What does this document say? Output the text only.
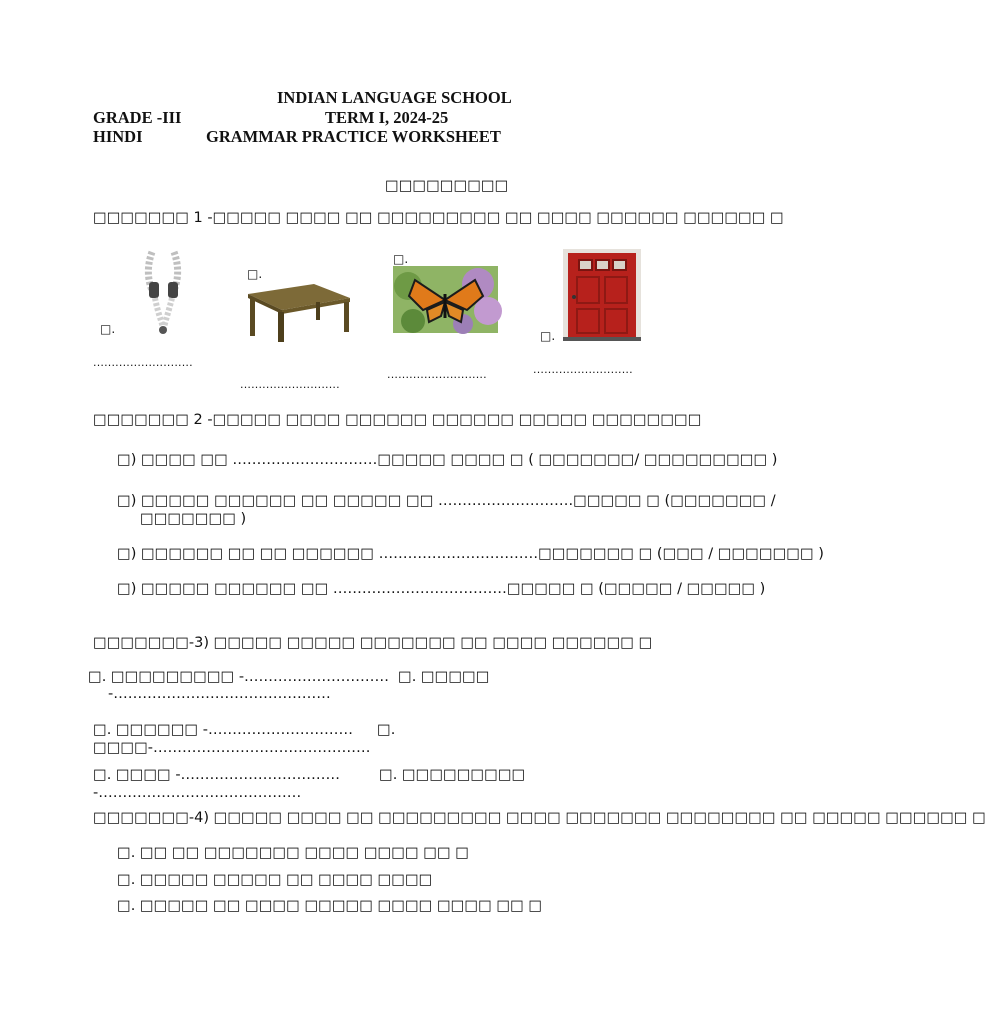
INDIAN LANGUAGE SCHOOL
GRADE -III	TERM I, 2024-25
HINDI	GRAMMAR PRACTICE WORKSHEET
□□□□□□□□□
□□□□□□□ 1 -□□□□□ □□□□ □□ □□□□□□□□□ □□ □□□□ □□□□□□ □□□□□□ □
□.
...........................
□.
...........................
□.
...........................
□.
...........................
□□□□□□□ 2 -□□□□□ □□□□ □□□□□□ □□□□□□ □□□□□ □□□□□□□□
□) □□□□ □□ …………………………□□□□□ □□□□ □ ( □□□□□□□/ □□□□□□□□□ )
□) □□□□□ □□□□□□ □□ □□□□□ □□ ……………………….□□□□□ □ (□□□□□□□ /
□□□□□□□ )
□) □□□□□□ □□ □□ □□□□□□ ……………………………□□□□□□□ □ (□□□ / □□□□□□□ )
□) □□□□□ □□□□□□ □□ ………………………………□□□□□ □ (□□□□□ / □□□□□ )
□□□□□□□-3) □□□□□ □□□□□ □□□□□□□ □□ □□□□ □□□□□□ □
□. □□□□□□□□□ -………………………… □. □□□□□
-………………………………………
□. □□□□□□ -………………………… □.
□□□□-………………………………………
□. □□□□ -……………………………	□. □□□□□□□□□
-……………………………………
□□□□□□□-4) □□□□□ □□□□ □□ □□□□□□□□□ □□□□ □□□□□□□ □□□□□□□□ □□ □□□□□ □□□□□□ □
□. □□ □□ □□□□□□□ □□□□ □□□□ □□ □
□. □□□□□ □□□□□ □□ □□□□ □□□□
□. □□□□□ □□ □□□□ □□□□□ □□□□ □□□□ □□ □
